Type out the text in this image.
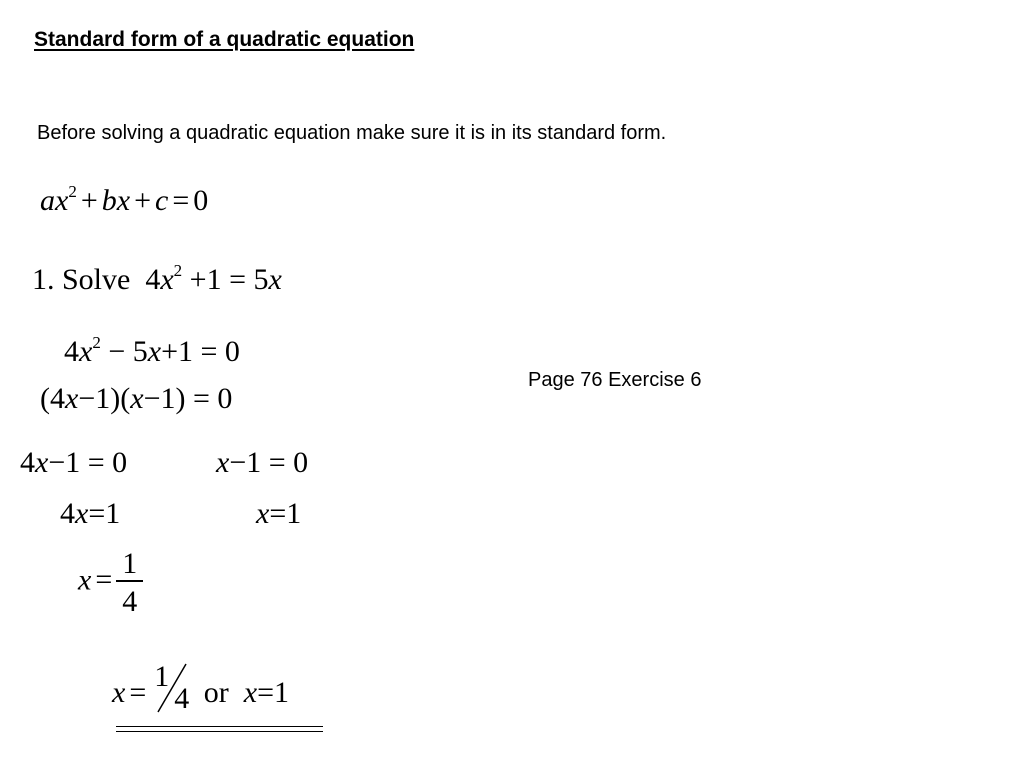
Standard form of a quadratic equation
Before solving a quadratic equation make sure it is in its standard form.
Page 76 Exercise 6
$ax^2$ + bx + c = 0
1. Solve $4x^2 +1 = 5x$
$4x^2 - 5x+1 = 0$
(4x−1)(x−1) = 0
4x−1 = 0	x−1 = 0
4x=1	x=1
$x = \frac{1}{4}$
x = 1
4 or x=1
